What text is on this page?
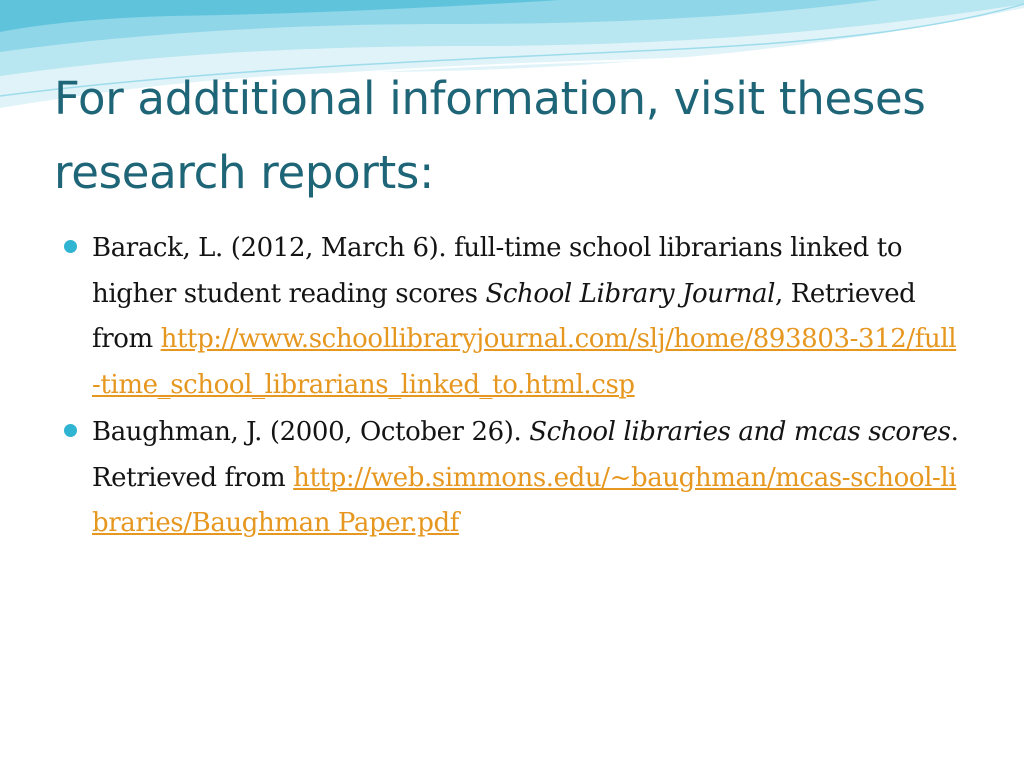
For addtitional information, visit theses research reports:
Barack, L. (2012, March 6). full-time school librarians linked to higher student reading scores School Library Journal, Retrieved from http://www.schoollibraryjournal.com/slj/home/893803-312/full-time_school_librarians_linked_to.html.csp
Baughman, J. (2000, October 26). School libraries and mcas scores. Retrieved from http://web.simmons.edu/~baughman/mcas-school-libraries/Baughman Paper.pdf
